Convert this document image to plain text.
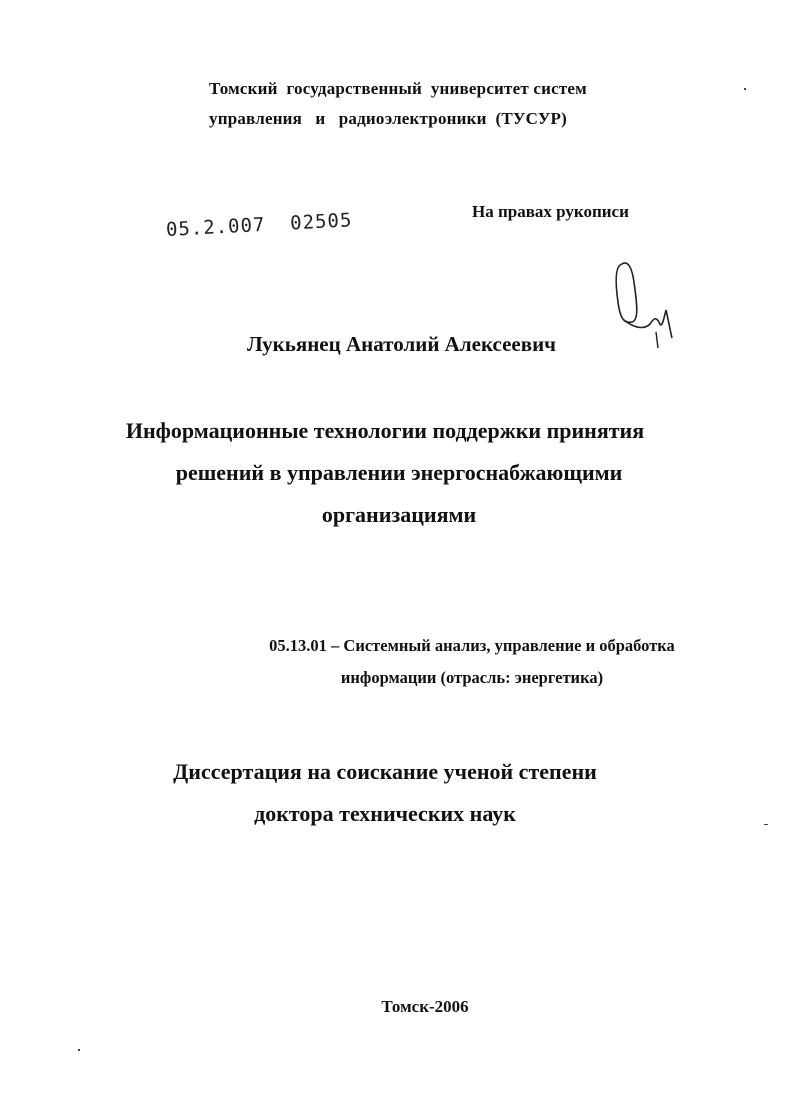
Томский  государственный  университет систем
управления   и   радиоэлектроники  (ТУСУР)
05.2.007  02505	На правах рукописи
Лукьянец Анатолий Алексеевич
Информационные технологии поддержки принятия
решений в управлении энергоснабжающими
организациями
05.13.01 – Системный анализ, управление и обработка
информации (отрасль: энергетика)
Диссертация на соискание ученой степени
доктора технических наук
Томск-2006
